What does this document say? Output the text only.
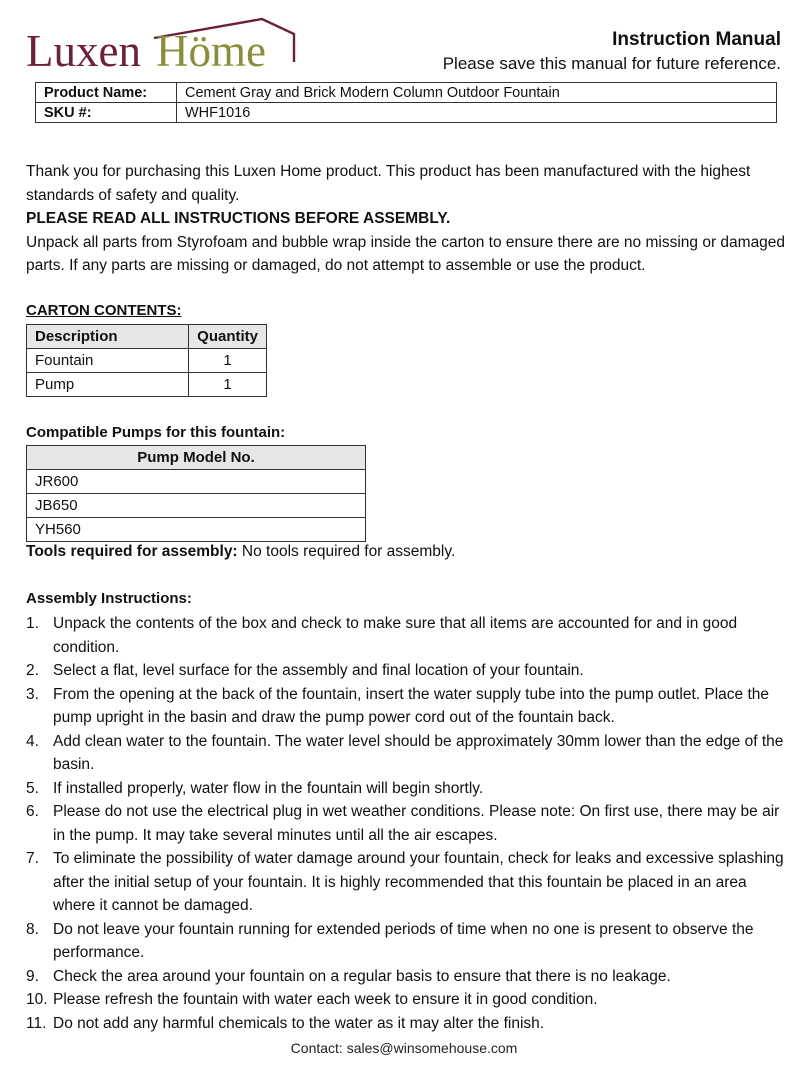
Luxen Höme	Instruction Manual
Please save this manual for future reference.
Product Name:	Cement Gray and Brick Modern Column Outdoor Fountain
SKU #:	WHF1016

Thank you for purchasing this Luxen Home product. This product has been manufactured with the highest standards of safety and quality.

PLEASE READ ALL INSTRUCTIONS BEFORE ASSEMBLY.

Unpack all parts from Styrofoam and bubble wrap inside the carton to ensure there are no missing or damaged parts. If any parts are missing or damaged, do not attempt to assemble or use the product.

CARTON CONTENTS:
Description	Quantity
Fountain	1
Pump	1
Compatible Pumps for this fountain:
Pump Model No.
JR600
JB650
YH560
Tools required for assembly: No tools required for assembly.
Assembly Instructions:
1. Unpack the contents of the box and check to make sure that all items are accounted for and in good condition.
2. Select a flat, level surface for the assembly and final location of your fountain.
3. From the opening at the back of the fountain, insert the water supply tube into the pump outlet. Place the pump upright in the basin and draw the pump power cord out of the fountain back.
4. Add clean water to the fountain. The water level should be approximately 30mm lower than the edge of the basin.
5. If installed properly, water flow in the fountain will begin shortly.
6. Please do not use the electrical plug in wet weather conditions. Please note: On first use, there may be air in the pump. It may take several minutes until all the air escapes.
7. To eliminate the possibility of water damage around your fountain, check for leaks and excessive splashing after the initial setup of your fountain. It is highly recommended that this fountain be placed in an area where it cannot be damaged.
8. Do not leave your fountain running for extended periods of time when no one is present to observe the performance.
9. Check the area around your fountain on a regular basis to ensure that there is no leakage.
10. Please refresh the fountain with water each week to ensure it in good condition.
11. Do not add any harmful chemicals to the water as it may alter the finish.
Contact: sales@winsomehouse.com
